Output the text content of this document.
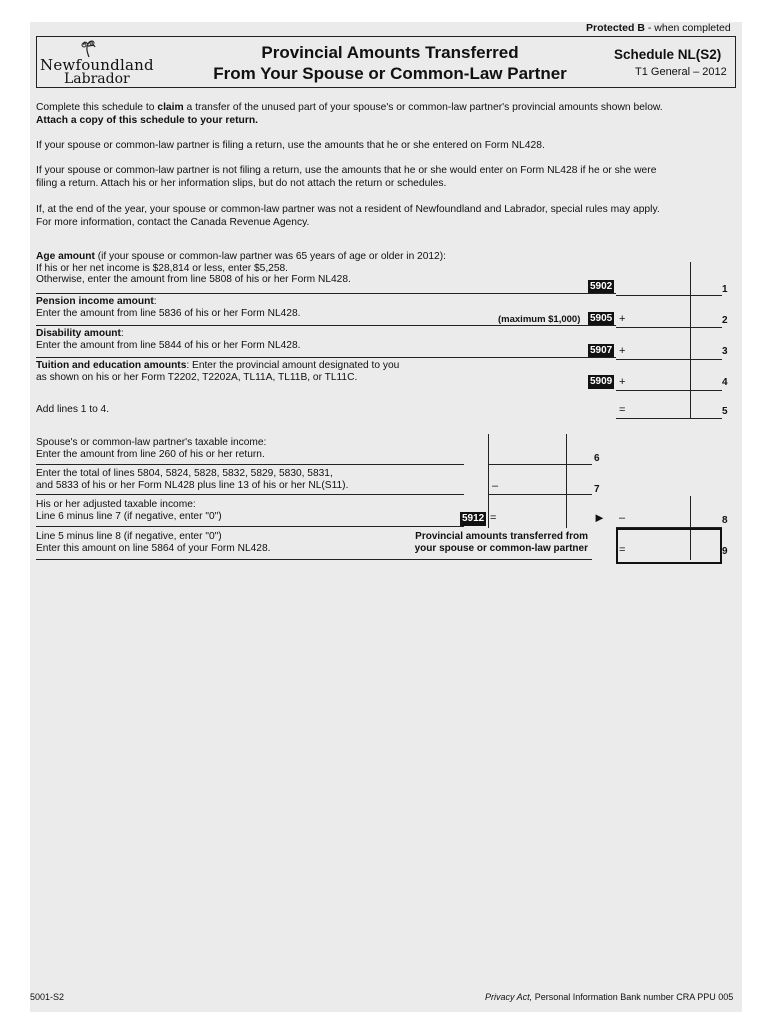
Protected B - when completed
Newfoundland
Labrador
Provincial Amounts Transferred
From Your Spouse or Common-Law Partner
Schedule NL(S2)
T1 General – 2012
Complete this schedule to claim a transfer of the unused part of your spouse's or common-law partner's provincial amounts shown below.
Attach a copy of this schedule to your return.
If your spouse or common-law partner is filing a return, use the amounts that he or she entered on Form NL428.
If your spouse or common-law partner is not filing a return, use the amounts that he or she would enter on Form NL428 if he or she were
filing a return. Attach his or her information slips, but do not attach the return or schedules.
If, at the end of the year, your spouse or common-law partner was not a resident of Newfoundland and Labrador, special rules may apply.
For more information, contact the Canada Revenue Agency.
Age amount (if your spouse or common-law partner was 65 years of age or older in 2012):
If his or her net income is $28,814 or less, enter $5,258.
Otherwise, enter the amount from line 5808 of his or her Form NL428.
5902	1
Pension income amount:
Enter the amount from line 5836 of his or her Form NL428.
(maximum $1,000) 5905 +	2
Disability amount:
Enter the amount from line 5844 of his or her Form NL428.	5907 +	3
Tuition and education amounts: Enter the provincial amount designated to you
as shown on his or her Form T2202, T2202A, TL11A, TL11B, or TL11C.	5909 +	4
Add lines 1 to 4.	=	5
Spouse's or common-law partner's taxable income:
Enter the amount from line 260 of his or her return.	6
Enter the total of lines 5804, 5824, 5828, 5832, 5829, 5830, 5831,
and 5833 of his or her Form NL428 plus line 13 of his or her NL(S11).	–	7
His or her adjusted taxable income:
Line 6 minus line 7 (if negative, enter "0")	5912 =	► –	8
Line 5 minus line 8 (if negative, enter "0")
Enter this amount on line 5864 of your Form NL428.
Provincial amounts transferred from
your spouse or common-law partner	=	9
5001-S2	Privacy Act, Personal Information Bank number CRA PPU 005
